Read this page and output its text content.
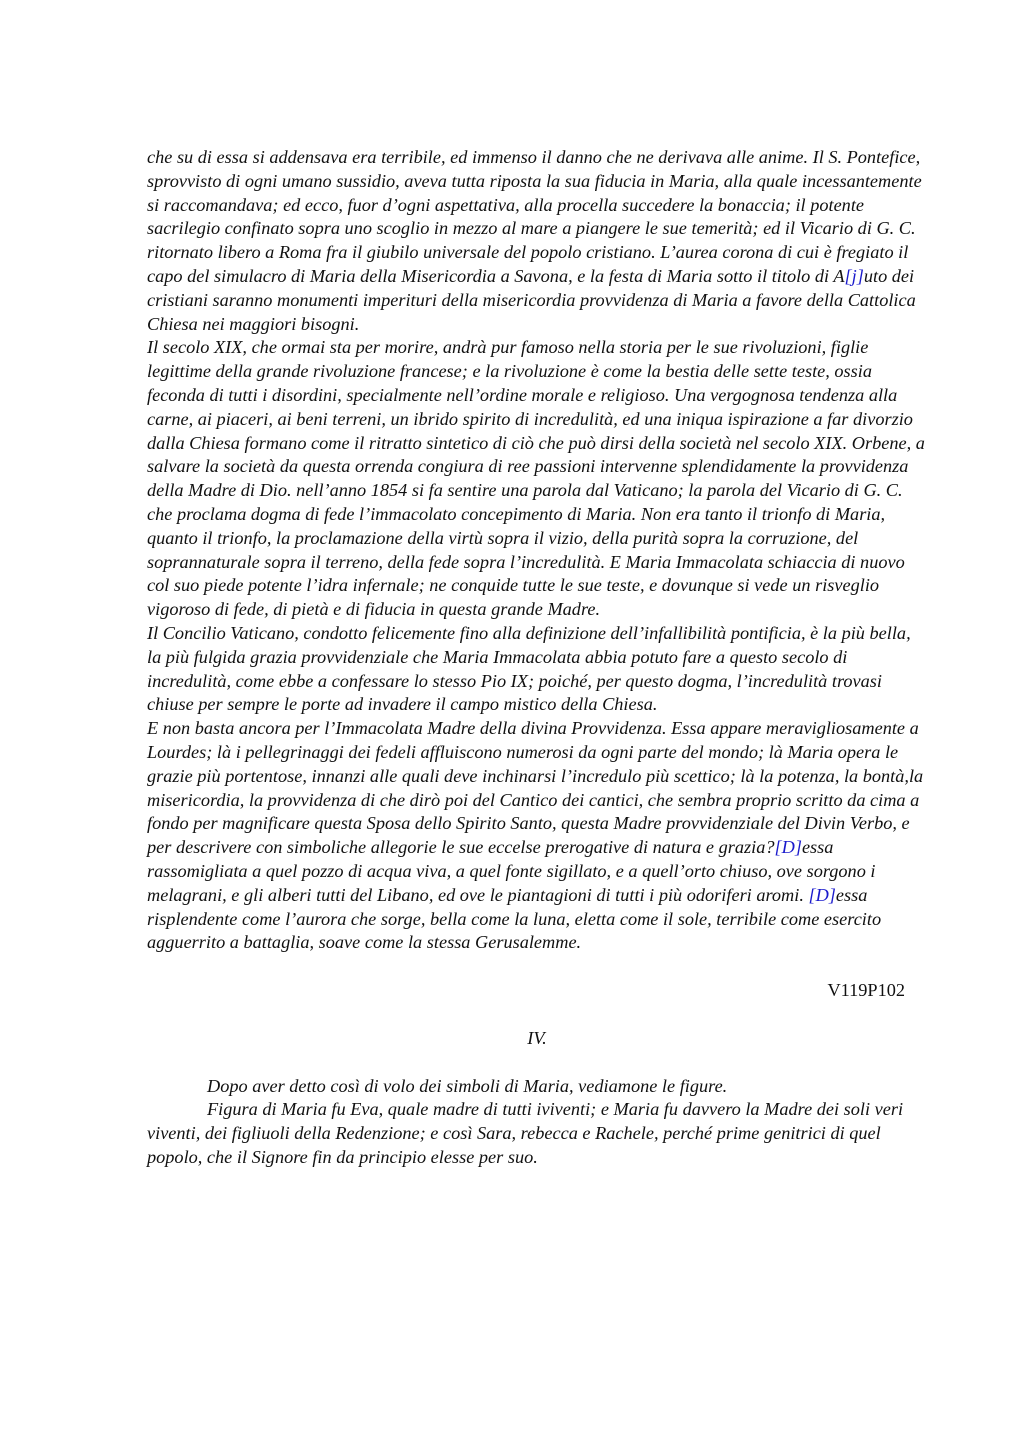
che su di essa si addensava era terribile, ed immenso il danno che ne derivava alle anime. Il S. Pontefice, sprovvisto di ogni umano sussidio, aveva tutta riposta la sua fiducia in Maria, alla quale incessantemente si raccomandava; ed ecco, fuor d’ogni aspettativa, alla procella succedere la bonaccia; il potente sacrilegio confinato sopra uno scoglio in mezzo al mare a piangere le sue temerità; ed il Vicario di G. C. ritornato libero a Roma fra il giubilo universale del popolo cristiano. L’aurea corona di cui è fregiato il capo del simulacro di Maria della Misericordia a Savona, e la festa di Maria sotto il titolo di A[j]uto dei cristiani saranno monumenti imperituri della misericordia provvidenza di Maria a favore della Cattolica Chiesa nei maggiori bisogni.

Il secolo XIX, che ormai sta per morire, andrà pur famoso nella storia per le sue rivoluzioni, figlie legittime della grande rivoluzione francese; e la rivoluzione è come la bestia delle sette teste, ossia feconda di tutti i disordini, specialmente nell’ordine morale e religioso. Una vergognosa tendenza alla carne, ai piaceri, ai beni terreni, un ibrido spirito di incredulità, ed una iniqua ispirazione a far divorzio dalla Chiesa formano come il ritratto sintetico di ciò che può dirsi della società nel secolo XIX. Orbene, a salvare la società da questa orrenda congiura di ree passioni intervenne splendidamente la provvidenza della Madre di Dio. nell’anno 1854 si fa sentire una parola dal Vaticano; la parola del Vicario di G. C. che proclama dogma di fede l’immacolato concepimento di Maria. Non era tanto il trionfo di Maria, quanto il trionfo, la proclamazione della virtù sopra il vizio, della purità sopra la corruzione, del soprannaturale sopra il terreno, della fede sopra l’incredulità. E Maria Immacolata schiaccia di nuovo col suo piede potente l’idra infernale; ne conquide tutte le sue teste, e dovunque si vede un risveglio vigoroso di fede, di pietà e di fiducia in questa grande Madre.

Il Concilio Vaticano, condotto felicemente fino alla definizione dell’infallibilità pontificia, è la più bella, la più fulgida grazia provvidenziale che Maria Immacolata abbia potuto fare a questo secolo di incredulità, come ebbe a confessare lo stesso Pio IX; poiché, per questo dogma, l’incredulità trovasi chiuse per sempre le porte ad invadere il campo mistico della Chiesa.

E non basta ancora per l’Immacolata Madre della divina Provvidenza. Essa appare meravigliosamente a Lourdes; là i pellegrinaggi dei fedeli affluiscono numerosi da ogni parte del mondo; là Maria opera le grazie più portentose, innanzi alle quali deve inchinarsi l’incredulo più scettico; là la potenza, la bontà,la misericordia, la provvidenza di che dirò poi del Cantico dei cantici, che sembra proprio scritto da cima a fondo per magnificare questa Sposa dello Spirito Santo, questa Madre provvidenziale del Divin Verbo, e per descrivere con simboliche allegorie le sue eccelse prerogative di natura e grazia?[D]essa rassomigliata a quel pozzo di acqua viva, a quel fonte sigillato, e a quell’orto chiuso, ove sorgono i melagrani, e gli alberi tutti del Libano, ed ove le piantagioni di tutti i più odoriferi aromi. [D]essa risplendente come l’aurora che sorge, bella come la luna, eletta come il sole, terribile come esercito agguerrito a battaglia, soave come la stessa Gerusalemme.

V119P102
IV.

Dopo aver detto così di volo dei simboli di Maria, vediamone le figure.

Figura di Maria fu Eva, quale madre di tutti iviventi; e Maria fu davvero la Madre dei soli veri viventi, dei figliuoli della Redenzione; e così Sara, rebecca e Rachele, perché prime genitrici di quel popolo, che il Signore fin da principio elesse per suo.
